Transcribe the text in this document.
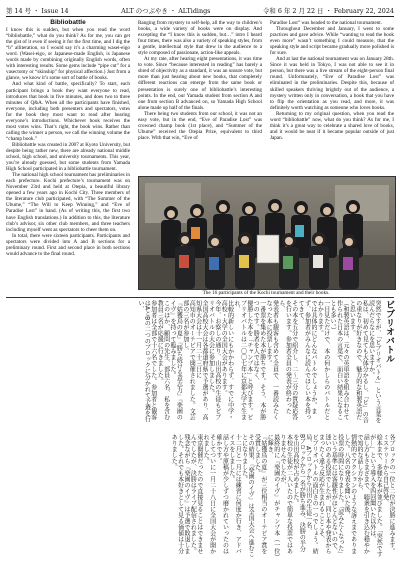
第 14 号 ・ Issue 14	ALT のつぶやき ・ ALTidings	令和 6 年 2 月 22 日 ・ February 22, 2024
Bibliobattle

I know this is sudden, but when you read the word “bibliobattle,” what do you think? As for me, you can get the gist of it even if seeing it for the first time, and I dig the “b” alliteration, so I would say it’s a charming wasei-eigo word. (Wasei-eigo, or Japanese-made English, is Japanese words made by combining originally English words, often with interesting results. Some gems include “pipe cut” for a vasectomy or “skinship” for physical affection.) Just from a glance, we know it’s some sort of battle of books.

And what kind of battle, specifically? To start, each participant brings a book they want everyone to read, introduces that book in five minutes, and does two to three minutes of Q&A. When all the participants have finished, everyone, including both presenters and spectators, votes for the book they most want to read after hearing everyone’s introductions. Whichever book receives the most votes wins. That’s right, the book wins. Rather than calling the winner a person, we call the winning volume the “champ book.”

Bibliobattle was created in 2007 at Kyoto University, but despite being rather new, there are already national middle school, high school, and university tournaments. This year, you’re already guessed, but some students from Yamada High School participated in a bibliobattle tournament.

The national high school tournament has preliminaries in each prefecture. Kochi prefecture’s tournament was on November 23rd and held at Otepia, a beautiful library opened a few years ago in Kochi City. Three members of the literature club participated, with “The Summer of the Ubume,” “The Will to Keep Winning,” and “Eve of Paradise Lost” in hand. (As of writing this, the first two have English translations.) In addition to this, the literature club’s advisor, six other club members, and three teachers including myself went as spectators to cheer them on.

In total, there were sixteen participants. Participants and spectators were divided into A and B sections for a preliminary round. First and second place in both sections would advance to the final round.

Ranging from mystery to self-help, all the way to children’s books, a wide variety of books were on display. And excepting the “I know this is sudden, but…” intro I heard four times, there was also a variety of speaking styles, from a gentle, intellectual style that drew in the audience to a style composed of passionate, action-like appeals.

At my rate, after hearing eight presentations, it was time to vote. Since “because interested in reading” has barely a shred of objectivity as a standard, it was an unsure vote, but more than just hearing about new books, that completely different reactions can emerge from the same book or presentation is surely one of bibliobattle’s interesting points. In the end, our Yamada student from section A and one from section B advanced on, so Yamada High School alone made up half of the finals.

There being two students from our school, it was not an easy vote, but in the end, “Eve of Paradise Lost” was crowned champ book (1st place), and “Summer of the Ubume” received the Otepia Prize, equivalent to third place. With that win, “Eve of

Paradise Lost” was headed to the national tournament.

Throughout December and January, I went to some practices and gave advice. While “wanting to read the book even more” wasn’t something I could measure, that the speaking style and script became gradually more polished is for sure.

And at last the national tournament was on January 28th. Since it was held in Tokyo, I was not able to see it in person, but there was a live stream of the eight-person final round. Unfortunately, “Eve of Paradise Lost” was eliminated in the preliminaries. Despite this, because of skilled speakers thriving brightly out of the audience, a mystery written only in conversation, a book that you have to flip the orientation as you read, and more, it was definitely worth watching as someone who loves books.

Returning to my original question, when you read the word “bibliobattle” now, what do you think? As for me, I think it’s a great way to celebrate a shared love of books, and it would be neat if it became popular outside of just Japan.

The 16 participants of the Kochi tournament and their books.
ビブリオバトル
突然ですが、「ビブリオバトル」という言葉を読んだらなにを思いますか。
私は、初めて見ても大体分かるし、「ビ」の音の重なりが好きなので、魅力的な和製英語だと思います。
（和製英語は、元々の英単語を組み合わせて作られた日本の言葉で、面白い結果になることも多い。）
一目見ただけで、本の何かしらのバトルだとわかります。
では具体的にどんなバトルでしょうか。まず、参加者がみんなに読んでほしい本を持ってきて、
その本を五分で紹介し、二〜三分の質疑応答を行います。参加者全員の発表が終わったら、
発表者も観客も含めて全員で、一番読みたくなった本に投票します。
一番票を集めた本が勝ちです。そう、本が勝つのです。勝者を人ではなく、
優勝した本を「チャンプ本」と呼びます。ビブリオバトルは二〇〇七年に京都大学で生まれ、
比較的新しいにもかかわらず、すでに中学・高校・大学の全国大会があります。
今年、お察しの通り、山田高校の生徒もビブリオバトルの大会に参加しました。
全国高校大会は各都道府県で予選があり、高知県大会は十一月二十三日に
高知市のオーテピアで開催されました。文芸部の三名が参加し、
『姑獲鳥の夏』『勝ち続ける意志力』『楽園のイヴ』を持って臨みました。
このほか、顧問の先生、部員六名、私を含む教員三名が応援に行きました。
参加者は全部で十六名でした。参加者と観客はAとBの二つのブロックに分かれて予選を行い、
各ブロックの一位と二位が決勝に進みます。ミステリーから自己啓発、
絵本まで、多様な本が並びました。「突然ですが…」という導入を四回聞いた以外は、
話し方もさまざまで、聴衆を引き込む穏やかで知的な話し方から、
情熱的でアクションのような訴えまでありました。八名の発表を聞いた後、
投票の時間になりました。「読みたくなった」という基準には客観性がほとんどないので、
迷いのある投票でしたが、同じ本や発表からまったく違う反応が生まれることこそ、
ビブリオバトルの面白さの一つでしょう。結局、Aブロックから山田の生徒一名、
Bブロックから一名が勝ち進み、決勝の半分を山田高校が占めました。
本校の生徒が二人いたので簡単な投票ではありませんでしたが、
最終的に『楽園のイヴ』がチャンプ本（一位）に輝き、
『姑獲鳥の夏』が三位相当のオーテピア賞を受賞しました。
その結果、『楽園のイヴ』は全国大会へ進むことになりました。
十二月と一月には練習に何度か行き、アドバイスをしました。
話し方や原稿が少しずつ磨かれていったのは確かです。
そしてついに一月二十八日に全国大会が開かれました。
東京開催だったので直接見ることはできませんでしたが、決勝はライブ配信されました。
残念ながら『楽園のイヴ』は予選で敗退しました。それでも本好きとして見る価値は十分ありました。
